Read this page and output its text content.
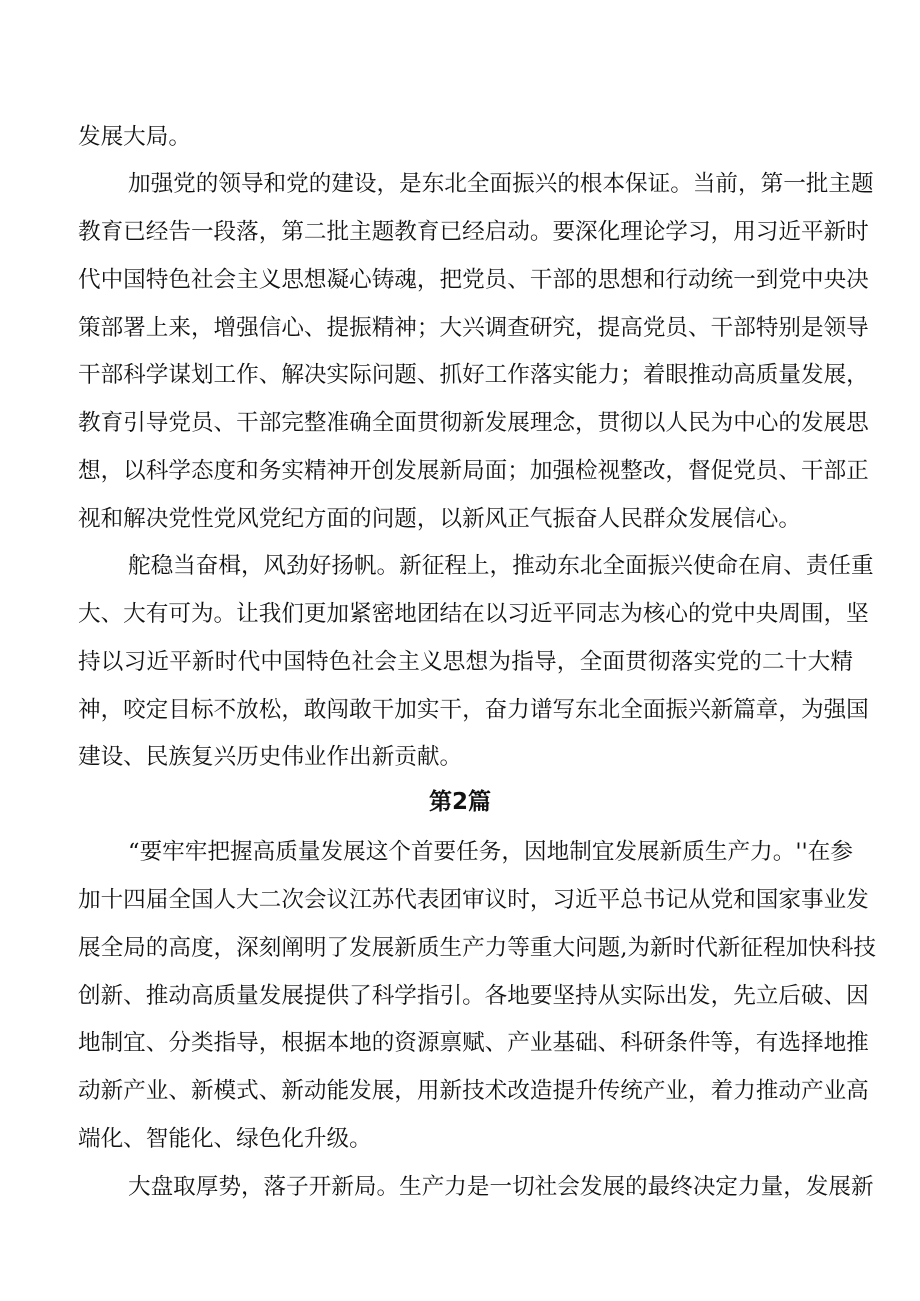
发展大局。
加强党的领导和党的建设，是东北全面振兴的根本保证。当前，第一批主题
教育已经告一段落，第二批主题教育已经启动。要深化理论学习，用习近平新时
代中国特色社会主义思想凝心铸魂，把党员、干部的思想和行动统一到党中央决
策部署上来，增强信心、提振精神；大兴调查研究，提高党员、干部特别是领导
干部科学谋划工作、解决实际问题、抓好工作落实能力；着眼推动高质量发展，
教育引导党员、干部完整准确全面贯彻新发展理念，贯彻以人民为中心的发展思
想，以科学态度和务实精神开创发展新局面；加强检视整改，督促党员、干部正
视和解决党性党风党纪方面的问题，以新风正气振奋人民群众发展信心。
舵稳当奋楫，风劲好扬帆。新征程上，推动东北全面振兴使命在肩、责任重
大、大有可为。让我们更加紧密地团结在以习近平同志为核心的党中央周围，坚
持以习近平新时代中国特色社会主义思想为指导，全面贯彻落实党的二十大精
神，咬定目标不放松，敢闯敢干加实干，奋力谱写东北全面振兴新篇章，为强国
建设、民族复兴历史伟业作出新贡献。
第2篇
“要牢牢把握高质量发展这个首要任务，因地制宜发展新质生产力。''在参
加十四届全国人大二次会议江苏代表团审议时，习近平总书记从党和国家事业发
展全局的高度，深刻阐明了发展新质生产力等重大问题,为新时代新征程加快科技
创新、推动高质量发展提供了科学指引。各地要坚持从实际出发，先立后破、因
地制宜、分类指导，根据本地的资源禀赋、产业基础、科研条件等，有选择地推
动新产业、新模式、新动能发展，用新技术改造提升传统产业，着力推动产业高
端化、智能化、绿色化升级。
大盘取厚势，落子开新局。生产力是一切社会发展的最终决定力量，发展新
